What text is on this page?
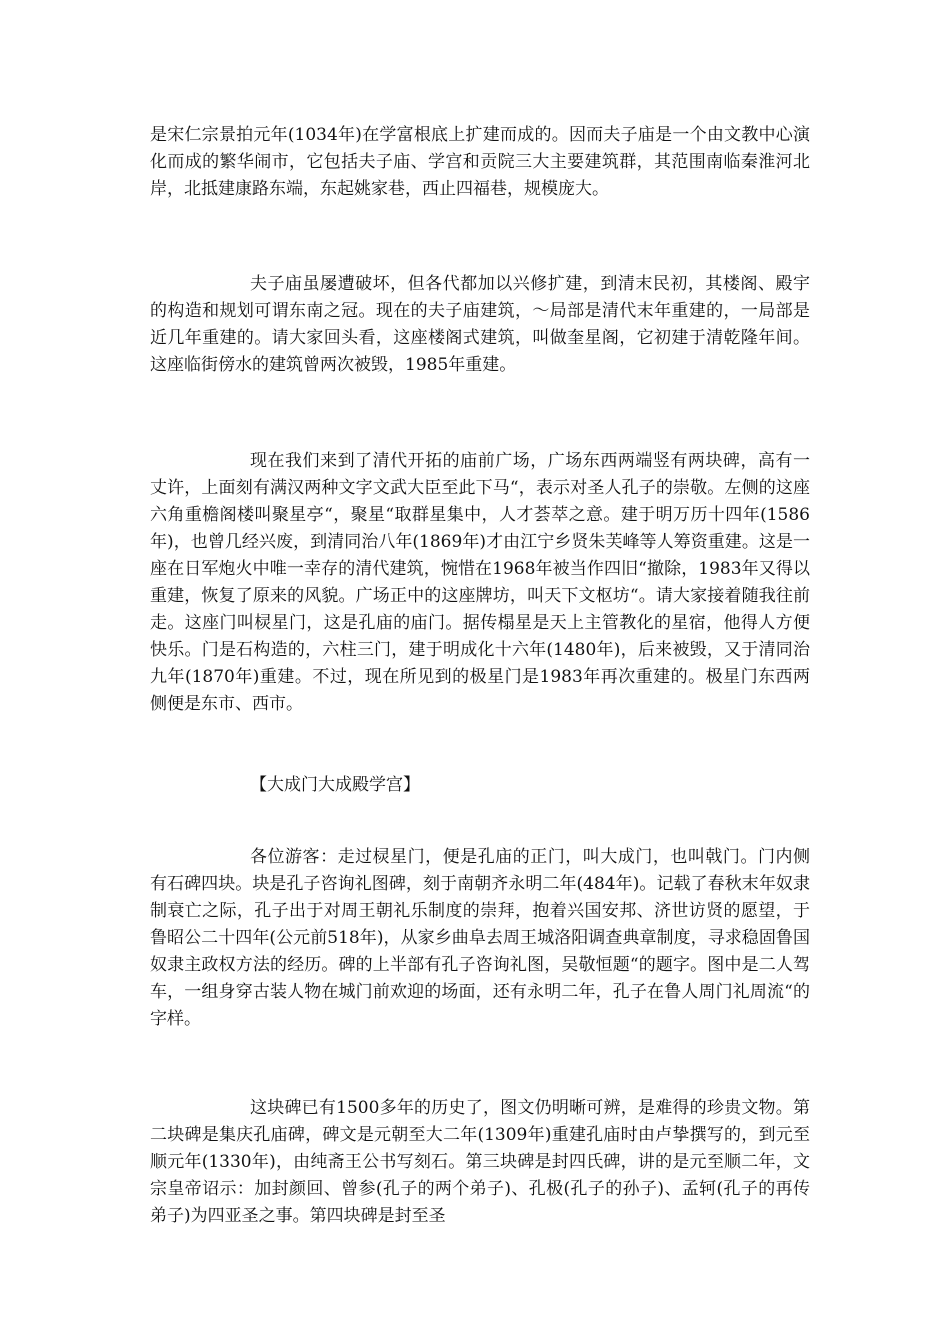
是宋仁宗景拍元年(1034年)在学富根底上扩建而成的。因而夫子庙是一个由文教中心演化而成的繁华闹市，它包括夫子庙、学宫和贡院三大主要建筑群，其范围南临秦淮河北岸，北抵建康路东端，东起姚家巷，西止四福巷，规模庞大。

夫子庙虽屡遭破坏，但各代都加以兴修扩建，到清末民初，其楼阁、殿宇的构造和规划可谓东南之冠。现在的夫子庙建筑，～局部是清代末年重建的，一局部是近几年重建的。请大家回头看，这座楼阁式建筑，叫做奎星阁，它初建于清乾隆年间。这座临街傍水的建筑曾两次被毁，1985年重建。

现在我们来到了清代开拓的庙前广场，广场东西两端竖有两块碑，高有一丈许，上面刻有满汉两种文字文武大臣至此下马“，表示对圣人孔子的崇敬。左侧的这座六角重檐阁楼叫聚星亭“，聚星“取群星集中，人才荟萃之意。建于明万历十四年(1586年)，也曾几经兴废，到清同治八年(1869年)才由江宁乡贤朱芙峰等人筹资重建。这是一座在日军炮火中唯一幸存的清代建筑，惋惜在1968年被当作四旧“撤除，1983年又得以重建，恢复了原来的风貌。广场正中的这座牌坊，叫天下文枢坊“。请大家接着随我往前走。这座门叫棂星门，这是孔庙的庙门。据传榻星是天上主管教化的星宿，他得人方便快乐。门是石构造的，六柱三门，建于明成化十六年(1480年)，后来被毁，又于清同治九年(1870年)重建。不过，现在所见到的极星门是1983年再次重建的。极星门东西两侧便是东市、西市。

【大成门大成殿学宫】

各位游客：走过棂星门，便是孔庙的正门，叫大成门，也叫戟门。门内侧有石碑四块。块是孔子咨询礼图碑，刻于南朝齐永明二年(484年)。记载了春秋末年奴隶制衰亡之际，孔子出于对周王朝礼乐制度的崇拜，抱着兴国安邦、济世访贤的愿望，于鲁昭公二十四年(公元前518年)，从家乡曲阜去周王城洛阳调查典章制度，寻求稳固鲁国奴隶主政权方法的经历。碑的上半部有孔子咨询礼图，吴敬恒题“的题字。图中是二人驾车，一组身穿古装人物在城门前欢迎的场面，还有永明二年，孔子在鲁人周门礼周流“的字样。

这块碑已有1500多年的历史了，图文仍明晰可辨，是难得的珍贵文物。第二块碑是集庆孔庙碑，碑文是元朝至大二年(1309年)重建孔庙时由卢挚撰写的，到元至顺元年(1330年)，由纯斋王公书写刻石。第三块碑是封四氏碑，讲的是元至顺二年，文宗皇帝诏示：加封颜回、曾参(孔子的两个弟子)、孔极(孔子的孙子)、孟轲(孔子的再传弟子)为四亚圣之事。第四块碑是封至圣
